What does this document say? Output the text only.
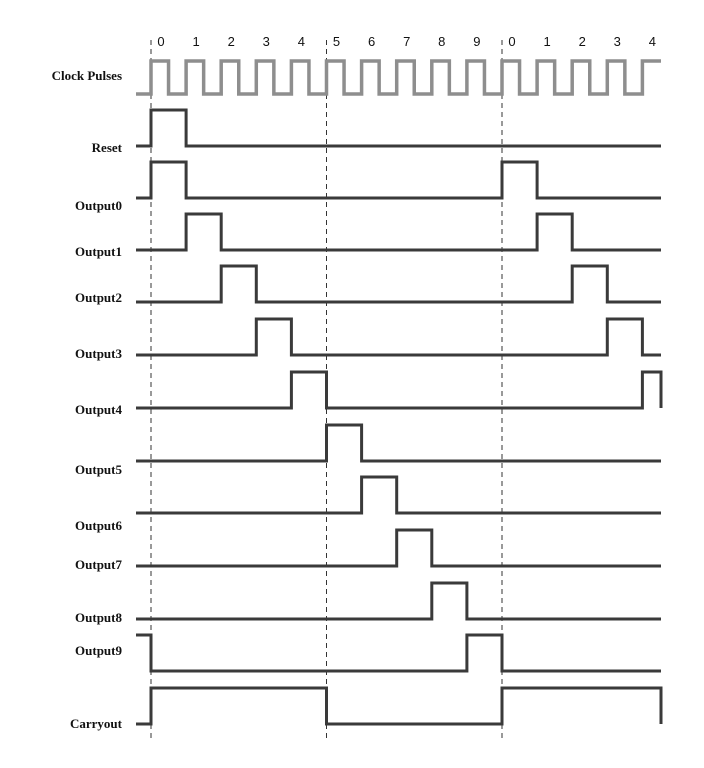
0 1 2 3 4 5 6 7 8 9 0 1 2 3 4
Clock Pulses
Reset
Output0
Output1
Output2
Output3
Output4
Output5
Output6
Output7
Output8
Output9
Carryout
